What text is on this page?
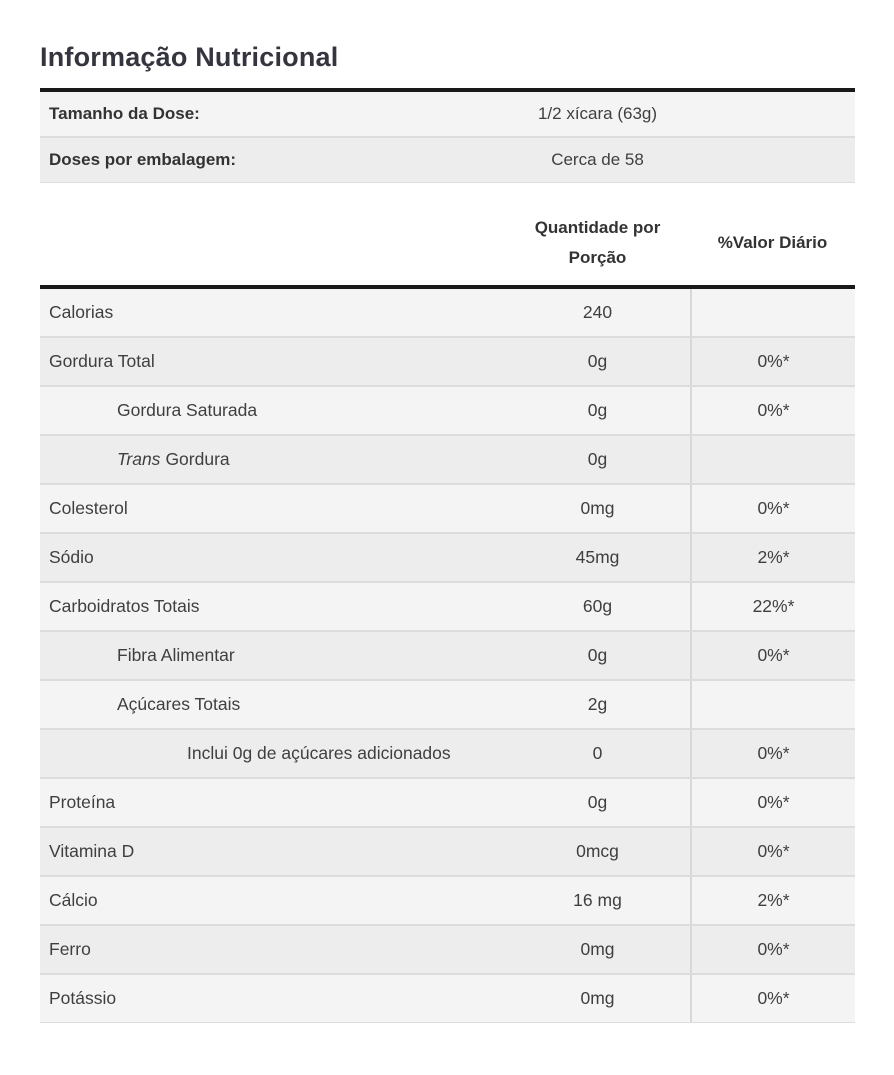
Informação Nutricional
Tamanho da Dose:	1/2 xícara (63g)
Doses por embalagem:	Cerca de 58
Quantidade por
Porção
%Valor Diário
Calorias	240
Gordura Total	0g	0%*
Gordura Saturada	0g	0%*
Trans Gordura	0g
Colesterol	0mg	0%*
Sódio	45mg	2%*
Carboidratos Totais	60g	22%*
Fibra Alimentar	0g	0%*
Açúcares Totais	2g
Inclui 0g de açúcares adicionados	0	0%*
Proteína	0g	0%*
Vitamina D	0mcg	0%*
Cálcio	16 mg	2%*
Ferro	0mg	0%*
Potássio	0mg	0%*
